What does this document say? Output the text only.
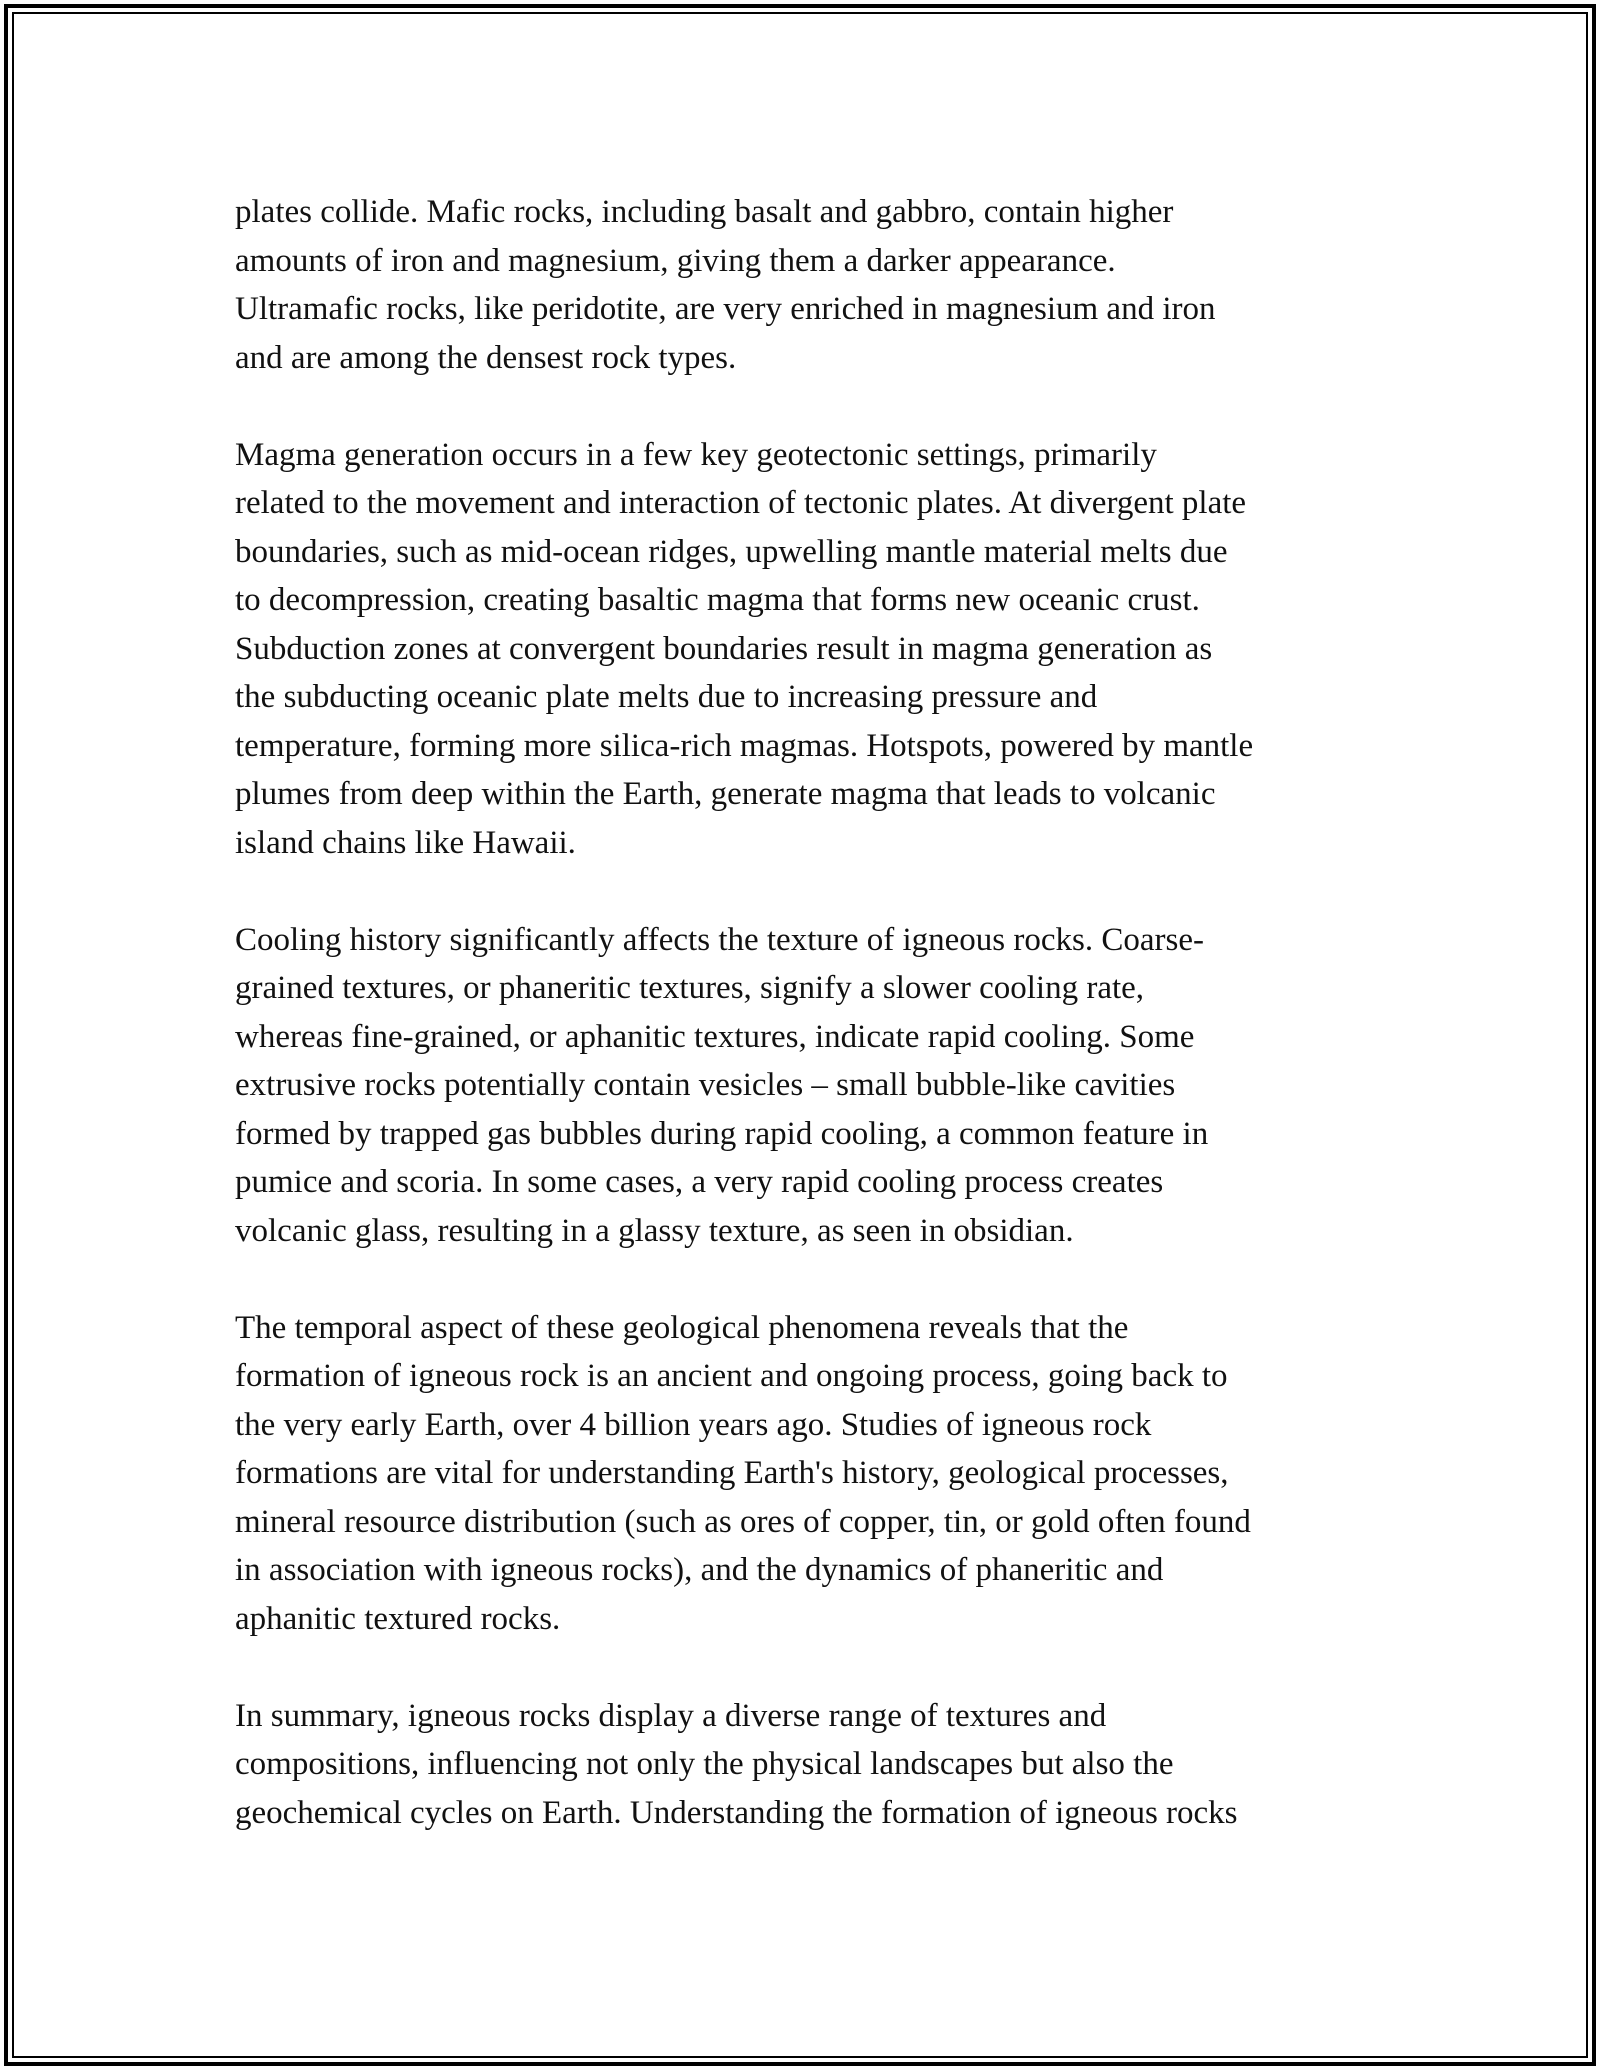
plates collide. Mafic rocks, including basalt and gabbro, contain higher
amounts of iron and magnesium, giving them a darker appearance.
Ultramafic rocks, like peridotite, are very enriched in magnesium and iron
and are among the densest rock types.

Magma generation occurs in a few key geotectonic settings, primarily
related to the movement and interaction of tectonic plates. At divergent plate
boundaries, such as mid-ocean ridges, upwelling mantle material melts due
to decompression, creating basaltic magma that forms new oceanic crust.
Subduction zones at convergent boundaries result in magma generation as
the subducting oceanic plate melts due to increasing pressure and
temperature, forming more silica-rich magmas. Hotspots, powered by mantle
plumes from deep within the Earth, generate magma that leads to volcanic
island chains like Hawaii.

Cooling history significantly affects the texture of igneous rocks. Coarse-
grained textures, or phaneritic textures, signify a slower cooling rate,
whereas fine-grained, or aphanitic textures, indicate rapid cooling. Some
extrusive rocks potentially contain vesicles – small bubble-like cavities
formed by trapped gas bubbles during rapid cooling, a common feature in
pumice and scoria. In some cases, a very rapid cooling process creates
volcanic glass, resulting in a glassy texture, as seen in obsidian.

The temporal aspect of these geological phenomena reveals that the
formation of igneous rock is an ancient and ongoing process, going back to
the very early Earth, over 4 billion years ago. Studies of igneous rock
formations are vital for understanding Earth's history, geological processes,
mineral resource distribution (such as ores of copper, tin, or gold often found
in association with igneous rocks), and the dynamics of phaneritic and
aphanitic textured rocks.

In summary, igneous rocks display a diverse range of textures and
compositions, influencing not only the physical landscapes but also the
geochemical cycles on Earth. Understanding the formation of igneous rocks
